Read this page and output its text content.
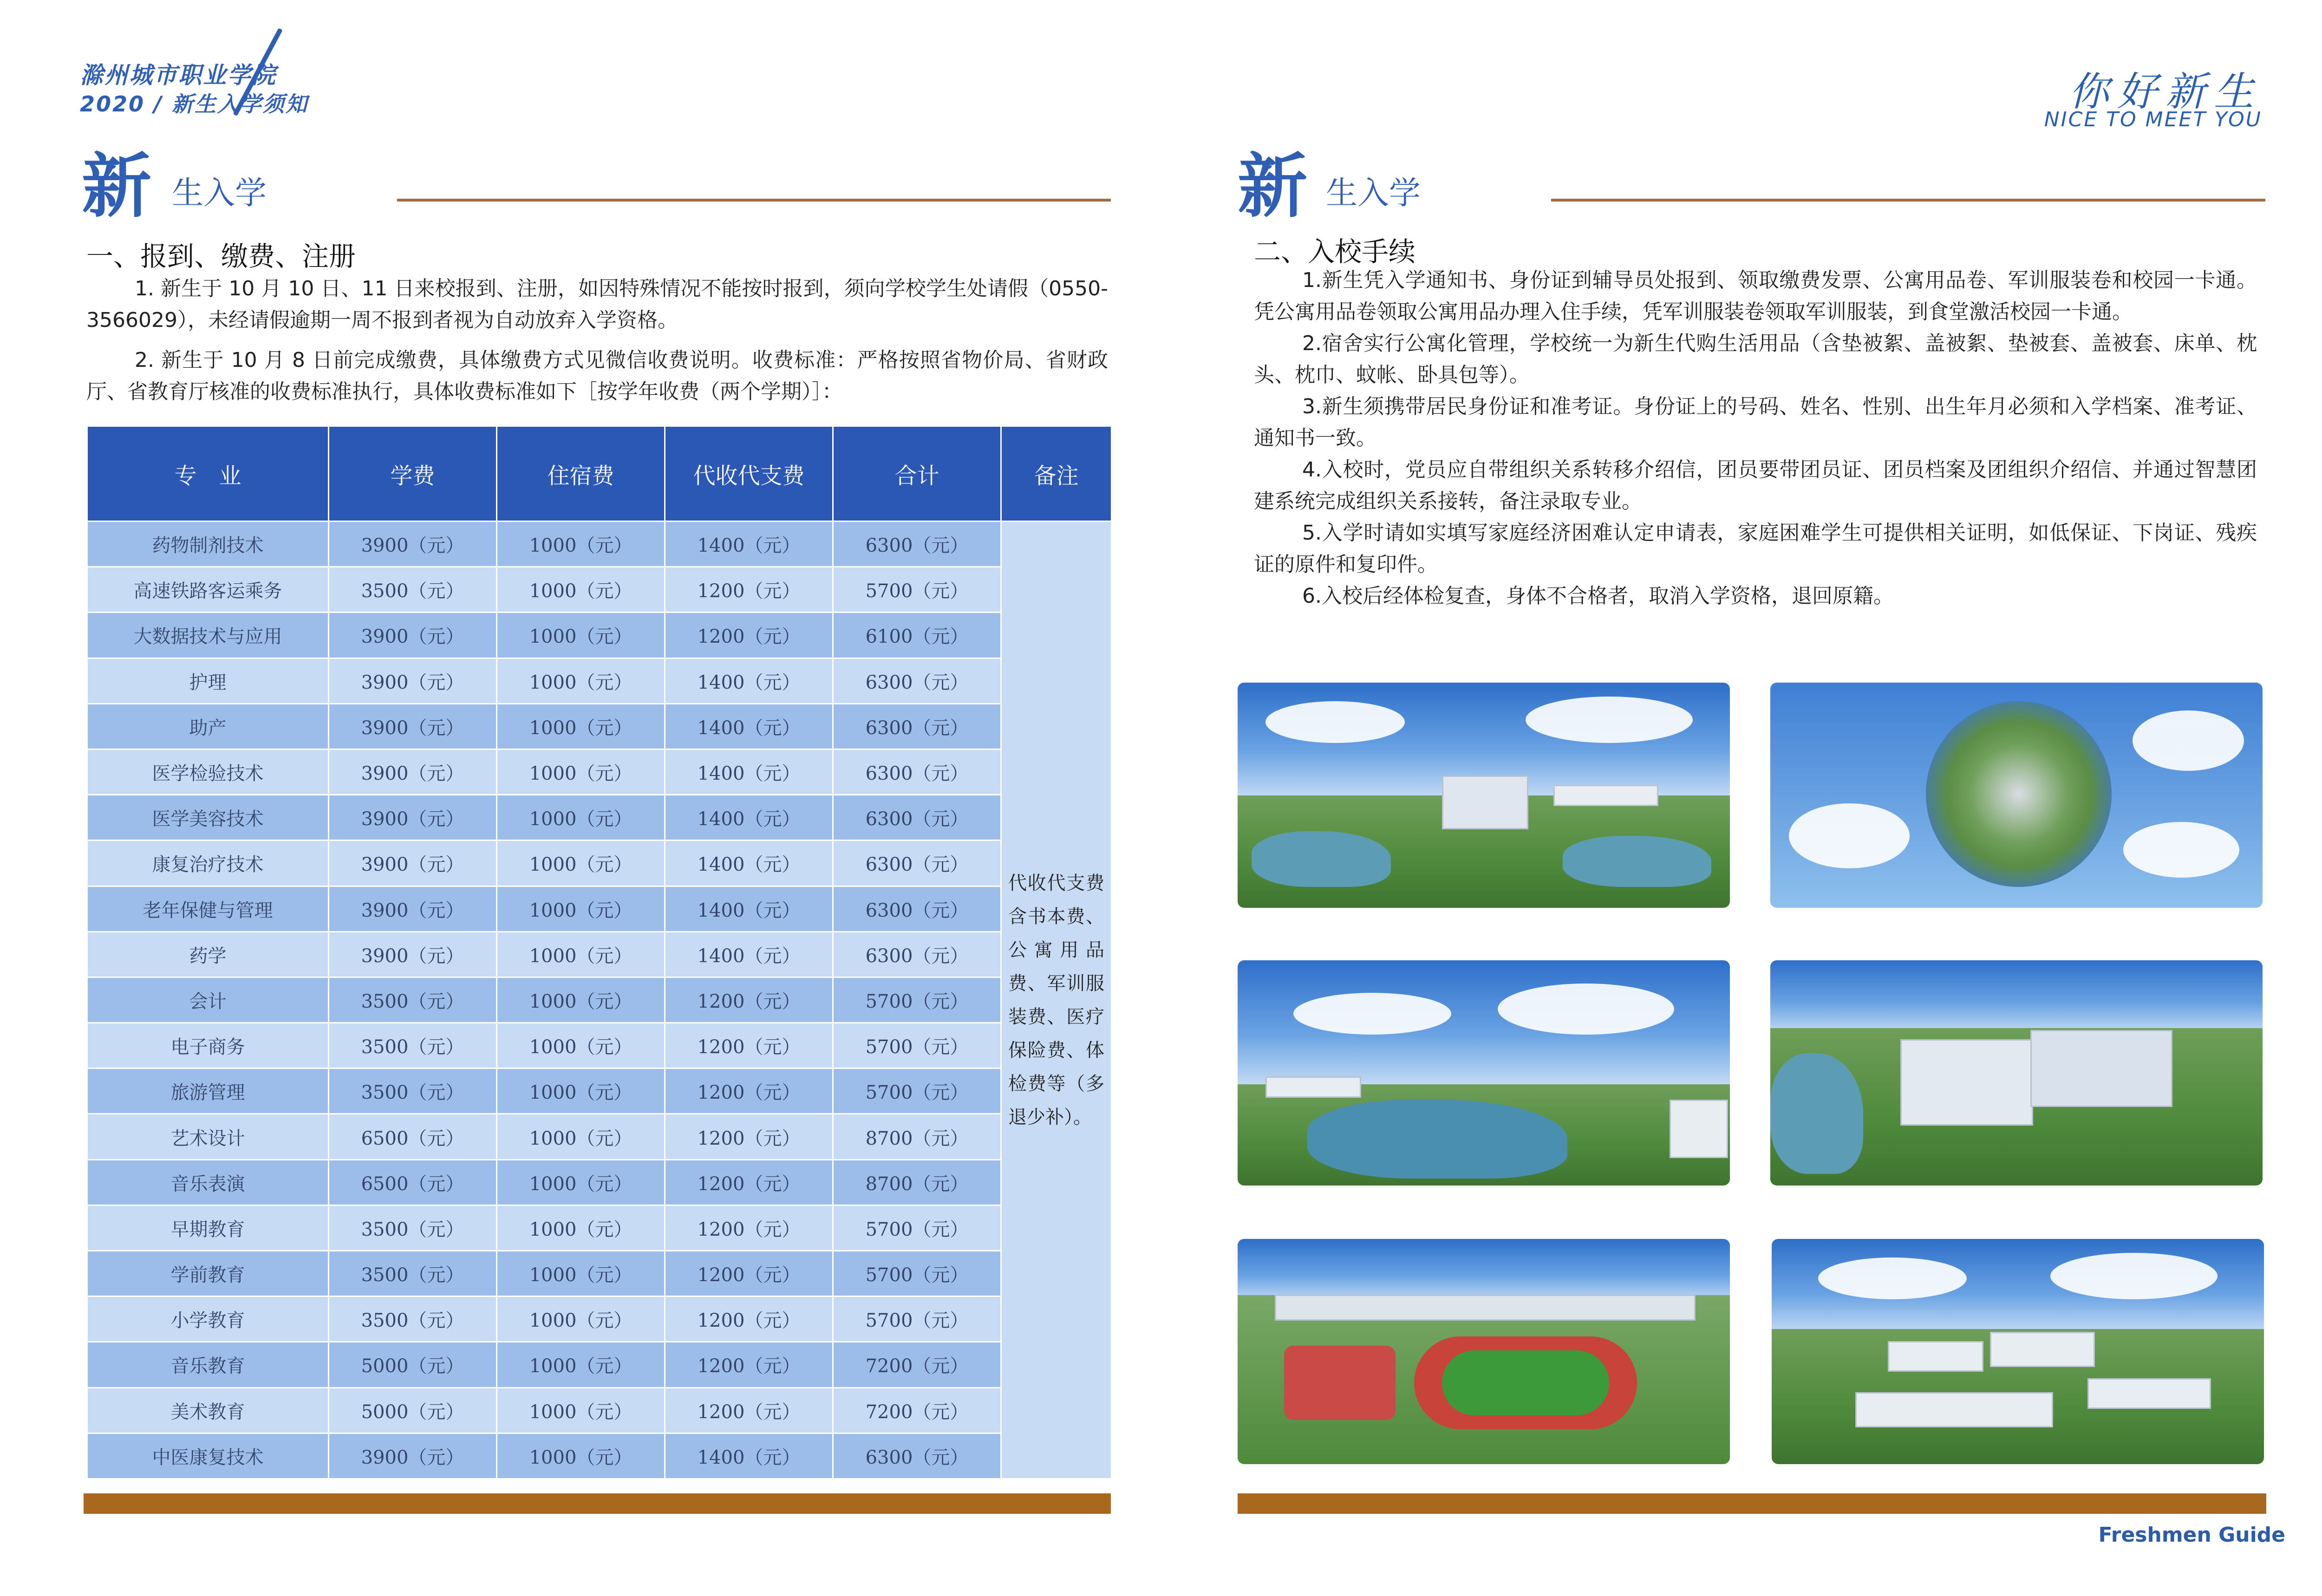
滁州城市职业学院
2020 / 新生入学须知
新 生入学
一、报到、缴费、注册
1. 新生于 10 月 10 日、11 日来校报到、注册，如因特殊情况不能按时报到，须向学校学生处请假（0550-3566029），未经请假逾期一周不报到者视为自动放弃入学资格。
2. 新生于 10 月 8 日前完成缴费，具体缴费方式见微信收费说明。收费标准：严格按照省物价局、省财政厅、省教育厅核准的收费标准执行，具体收费标准如下［按学年收费（两个学期）］：
专　业	学费	住宿费	代收代支费	合计	备注
药物制剂技术	3900（元）	1000（元）	1400（元）	6300（元）	代收代支费含书本费、公寓用品费、军训服装费、医疗保险费、体检费等（多退少补）。
高速铁路客运乘务	3500（元）	1000（元）	1200（元）	5700（元）	
大数据技术与应用	3900（元）	1000（元）	1200（元）	6100（元）	
护理	3900（元）	1000（元）	1400（元）	6300（元）	
助产	3900（元）	1000（元）	1400（元）	6300（元）	
医学检验技术	3900（元）	1000（元）	1400（元）	6300（元）	
医学美容技术	3900（元）	1000（元）	1400（元）	6300（元）	
康复治疗技术	3900（元）	1000（元）	1400（元）	6300（元）	
老年保健与管理	3900（元）	1000（元）	1400（元）	6300（元）	
药学	3900（元）	1000（元）	1400（元）	6300（元）	
会计	3500（元）	1000（元）	1200（元）	5700（元）	
电子商务	3500（元）	1000（元）	1200（元）	5700（元）	
旅游管理	3500（元）	1000（元）	1200（元）	5700（元）	
艺术设计	6500（元）	1000（元）	1200（元）	8700（元）	
音乐表演	6500（元）	1000（元）	1200（元）	8700（元）	
早期教育	3500（元）	1000（元）	1200（元）	5700（元）	
学前教育	3500（元）	1000（元）	1200（元）	5700（元）	
小学教育	3500（元）	1000（元）	1200（元）	5700（元）	
音乐教育	5000（元）	1000（元）	1200（元）	7200（元）	
美术教育	5000（元）	1000（元）	1200（元）	7200（元）	
中医康复技术	3900（元）	1000（元）	1400（元）	6300（元）	
你好新生
NICE TO MEET YOU
新 生入学
二、入校手续
1.新生凭入学通知书、身份证到辅导员处报到、领取缴费发票、公寓用品卷、军训服装卷和校园一卡通。凭公寓用品卷领取公寓用品办理入住手续，凭军训服装卷领取军训服装，到食堂激活校园一卡通。
2.宿舍实行公寓化管理，学校统一为新生代购生活用品（含垫被絮、盖被絮、垫被套、盖被套、床单、枕头、枕巾、蚊帐、卧具包等）。
3.新生须携带居民身份证和准考证。身份证上的号码、姓名、性别、出生年月必须和入学档案、准考证、通知书一致。
4.入校时，党员应自带组织关系转移介绍信，团员要带团员证、团员档案及团组织介绍信、并通过智慧团建系统完成组织关系接转，备注录取专业。
5.入学时请如实填写家庭经济困难认定申请表，家庭困难学生可提供相关证明，如低保证、下岗证、残疾证的原件和复印件。
6.入校后经体检复查，身体不合格者，取消入学资格，退回原籍。
Freshmen Guide
